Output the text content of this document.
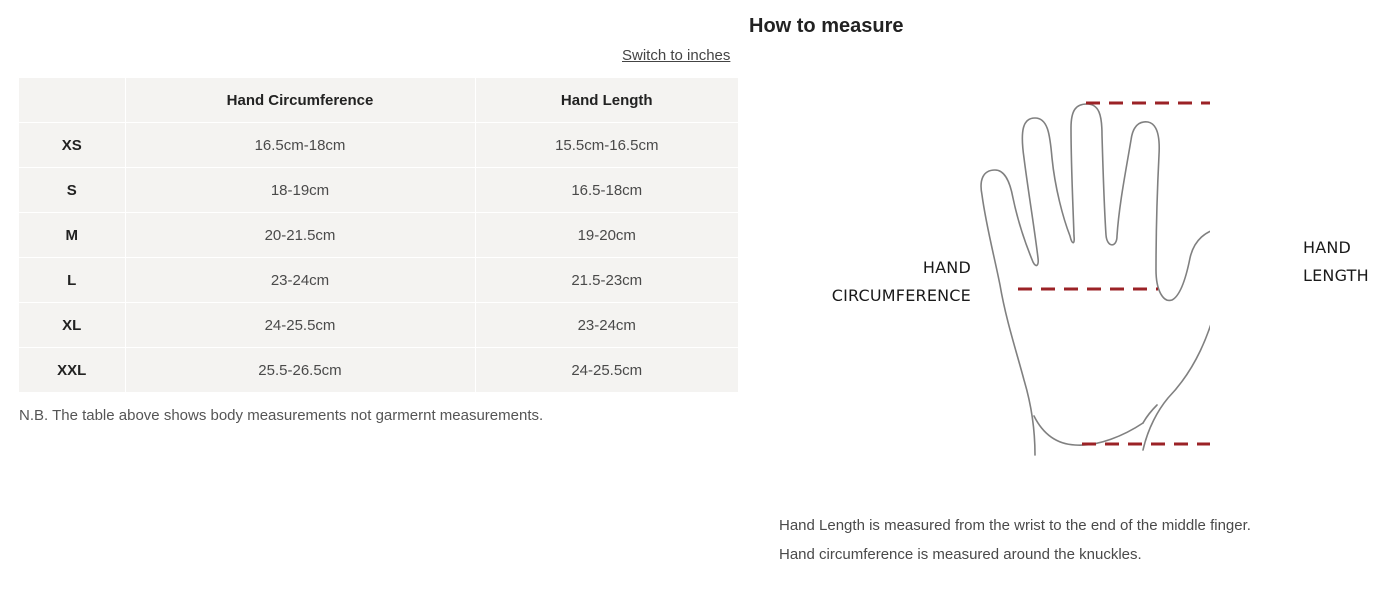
How to measure
Switch to inches
	Hand Circumference	Hand Length
XS	16.5cm-18cm	15.5cm-16.5cm
S	18-19cm	16.5-18cm
M	20-21.5cm	19-20cm
L	23-24cm	21.5-23cm
XL	24-25.5cm	23-24cm
XXL	25.5-26.5cm	24-25.5cm
N.B. The table above shows body measurements not garmernt measurements.
HAND
CIRCUMFERENCE
HAND
LENGTH
Hand Length is measured from the wrist to the end of the middle finger.
Hand circumference is measured around the knuckles.
